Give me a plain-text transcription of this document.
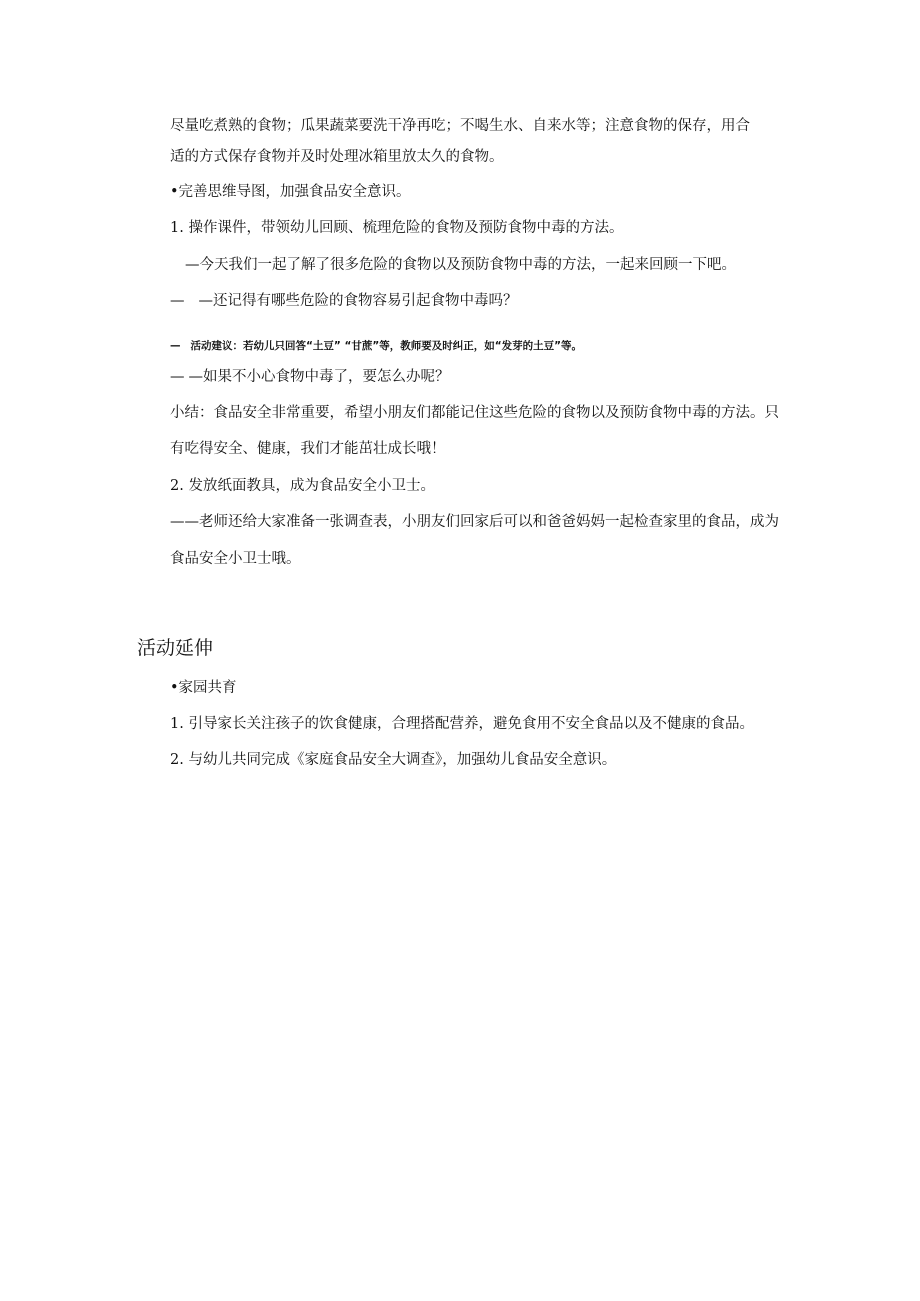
尽量吃煮熟的食物；瓜果蔬菜要洗干净再吃；不喝生水、自来水等；注意食物的保存，用合
适的方式保存食物并及时处理冰箱里放太久的食物。
•完善思维导图，加强食品安全意识。
1. 操作课件，带领幼儿回顾、梳理危险的食物及预防食物中毒的方法。
—今天我们一起了解了很多危险的食物以及预防食物中毒的方法，一起来回顾一下吧。
— —还记得有哪些危险的食物容易引起食物中毒吗？
— 活动建议：若幼儿只回答“土豆” “甘蔗”等，教师要及时纠正，如“发芽的土豆”等。
— —如果不小心食物中毒了，要怎么办呢？
小结：食品安全非常重要，希望小朋友们都能记住这些危险的食物以及预防食物中毒的方法。只
有吃得安全、健康，我们才能茁壮成长哦！
2. 发放纸面教具，成为食品安全小卫士。
——老师还给大家准备一张调查表，小朋友们回家后可以和爸爸妈妈一起检查家里的食品，成为
食品安全小卫士哦。
活动延伸
•家园共育
1. 引导家长关注孩子的饮食健康，合理搭配营养，避免食用不安全食品以及不健康的食品。
2. 与幼儿共同完成《家庭食品安全大调查》，加强幼儿食品安全意识。
